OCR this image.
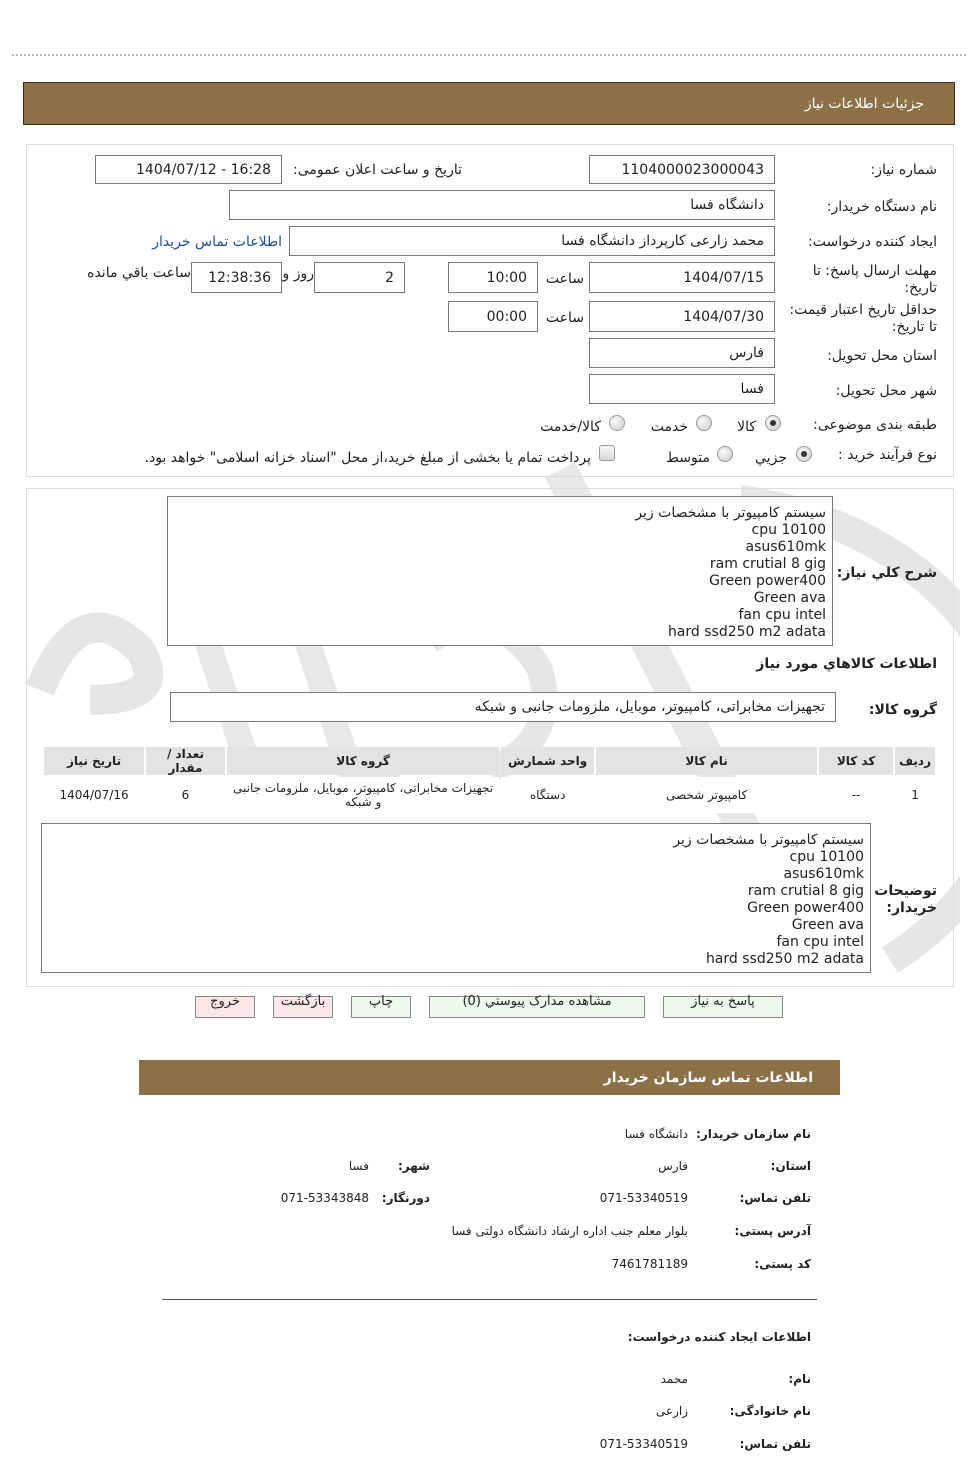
جزئیات اطلاعات نیاز
شماره نیاز:
1104000023000043
تاریخ و ساعت اعلان عمومی:
1404/07/12 - 16:28
نام دستگاه خریدار:
دانشگاه فسا
ایجاد کننده درخواست:
محمد زارعی کارپرداز دانشگاه فسا
اطلاعات تماس خریدار
مهلت ارسال پاسخ: تا
تاریخ:
1404/07/15
ساعت
10:00
2
روز و
12:38:36
ساعت باقي مانده
حداقل تاریخ اعتبار قیمت:
تا تاریخ:
1404/07/30
ساعت
00:00
استان محل تحویل:
فارس
شهر محل تحویل:
فسا
طبقه بندی موضوعی:
کالا
خدمت
کالا/خدمت
نوع فرآیند خرید :
جزیي
متوسط
پرداخت تمام یا بخشی از مبلغ خرید،از محل "اسناد خزانه اسلامی" خواهد بود.
شرح کلي نياز:
سیستم کامپیوتر با مشخصات زیر
cpu 10100
asus610mk
ram crutial 8 gig
Green power400
Green ava
fan cpu intel
hard ssd250 m2 adata
اطلاعات کالاهاي مورد نياز
گروه کالا:
تجهیزات مخابراتی، کامپیوتر، موبایل، ملزومات جانبی و شبکه
رديف	کد کالا	نام کالا	واحد شمارش	گروه کالا	تعداد / مقدار	تاريخ نياز
1	--	کامپیوتر شخصی	دستگاه	تجهیزات مخابراتی، کامپیوتر، موبایل، ملزومات جانبی و شبکه	6	1404/07/16
سیستم کامپیوتر با مشخصات زیر
cpu 10100
asus610mk
ram crutial 8 gig
Green power400
Green ava
fan cpu intel
hard ssd250 m2 adata
توضیحات
خریدار:
پاسخ به نياز
مشاهده مدارک پیوستي (0)
چاپ
بازگشت
خروج
اطلاعات تماس سازمان خریدار
نام سازمان خریدار:
دانشگاه فسا
استان:
فارس
شهر:
فسا
تلفن تماس:
071-53340519
دورنگار:
071-53343848
آدرس پستی:
بلوار معلم جنب اداره ارشاد دانشگاه دولتی فسا
کد پستی:
7461781189
اطلاعات ایجاد کننده درخواست:
نام:
محمد
نام خانوادگی:
زارعی
تلفن تماس:
071-53340519
